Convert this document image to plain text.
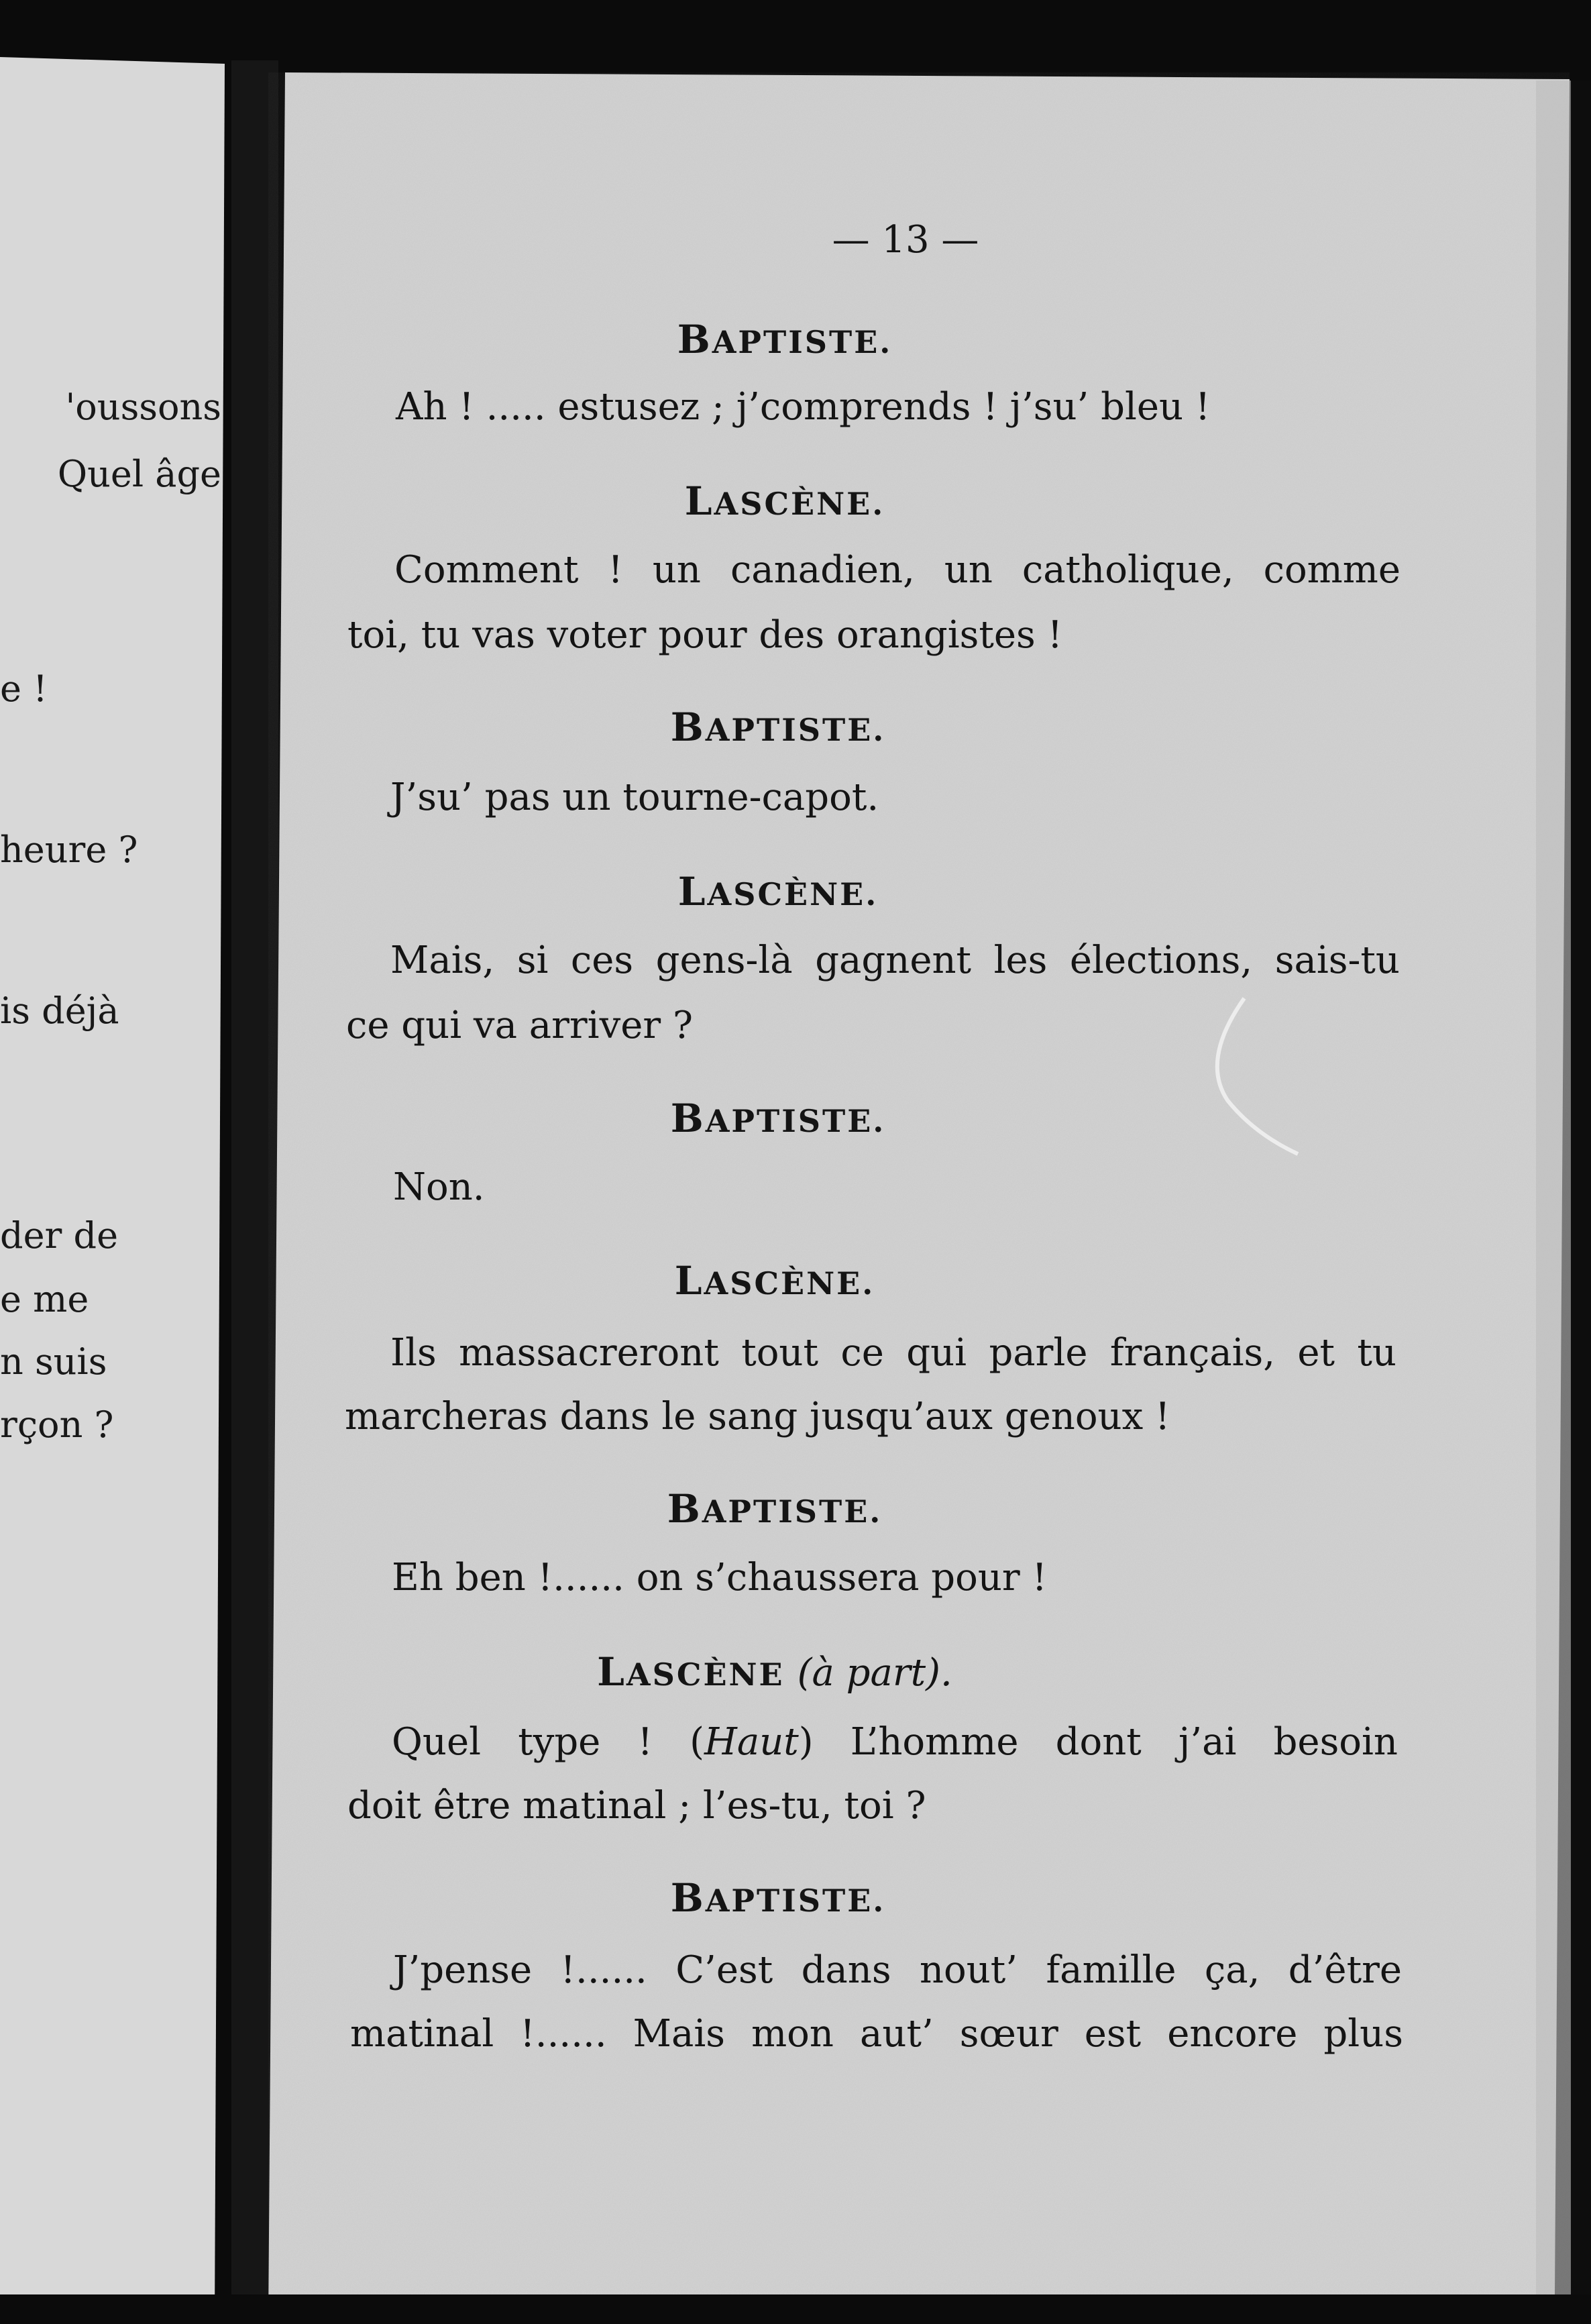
'oussons
Quel âge
e !
heure ?
is déjà
der de
e me
n suis
rçon ?
— 13 —
BAPTISTE.
Ah ! ..... estusez ; j’comprends ! j’su’ bleu !
LASCÈNE.
Comment ! un canadien, un catholique, comme
toi, tu vas voter pour des orangistes !
BAPTISTE.
J’su’ pas un tourne-capot.
LASCÈNE.
Mais, si ces gens-là gagnent les élections, sais-tu
ce qui va arriver ?
BAPTISTE.
Non.
LASCÈNE.
Ils massacreront tout ce qui parle français, et tu
marcheras dans le sang jusqu’aux genoux !
BAPTISTE.
Eh ben !...... on s’chaussera pour !
LASCÈNE (à part).
Quel type ! (Haut) L’homme dont j’ai besoin
doit être matinal ; l’es-tu, toi ?
BAPTISTE.
J’pense !...... C’est dans nout’ famille ça, d’être
matinal !...... Mais mon aut’ sœur est encore plus
